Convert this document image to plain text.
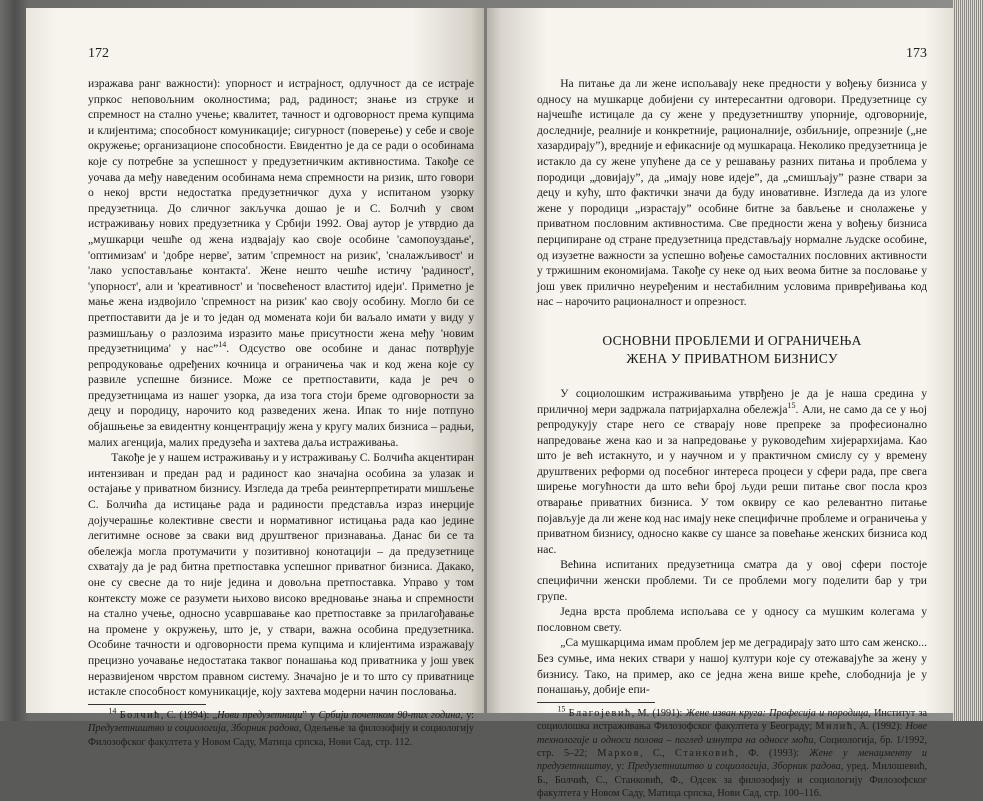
172

изражава ранг важности): упорност и истрајност, одлучност да се истраје упркос неповољним околностима; рад, радиност; знање из струке и спремност на стално учење; квалитет, тачност и одговорност према купцима и клијентима; способност комуникације; сигурност (поверење) у себе и своје окружење; организационе способности. Евидентно је да се ради о особинама које су потребне за успешност у предузетничким активностима. Такође се уочава да међу наведеним особинама нема спремности на ризик, што говори о некој врсти недостатка предузетничког духа у испитаном узорку предузетница. До сличног закључка дошао је и С. Болчић у свом истраживању нових предузетника у Србији 1992. Овај аутор је утврдио да „мушкарци чешће од жена издвајају као своје особине 'самопоуздање', 'оптимизам' и 'добре нерве', затим 'спремност на ризик', 'сналажљивост' и 'лако успостављање контакта'. Жене нешто чешће истичу 'радиност', 'упорност', али и 'креативност' и 'посвећеност властитој идеји'. Приметно је мање жена издвојило 'спремност на ризик' као своју особину. Могло би се претпоставити да је и то један од момената који би ваљало имати у виду у размишљању о разлозима изразито мање присутности жена међу 'новим предузетницима' у нас”$^{14}$. Одсуство ове особине и данас потврђује репродуковање одређених кочница и ограничења чак и код жена које су развиле успешне бизнисе. Може се претпоставити, када је реч о предузетницама из нашег узорка, да иза тога стоји бреме одговорности за децу и породицу, нарочито код разведених жена. Ипак то није потпуно објашњење за евидентну концентрацију жена у кругу малих бизниса – радњи, малих агенција, малих предузећа и захтева даља истраживања.

Такође је у нашем истраживању и у истраживању С. Болчића акцентиран интензиван и предан рад и радиност као значајна особина за улазак и остајање у приватном бизнису. Изгледа да треба реинтерпретирати мишљење С. Болчића да истицање рада и радиности представља израз инерције дојучерашње колективне свести и нормативног истицања рада као једине легитимне основе за сваки вид друштвеног признавања. Данас би се та обележја могла протумачити у позитивној конотацији – да предузетнице схватају да је рад битна претпоставка успешног приватног бизниса. Дакако, оне су свесне да то није једина и довољна претпоставка. Управо у том контексту може се разумети њихово високо вредновање знања и спремности на стално учење, односно усавршавање као претпоставке за прилагођавање на промене у окружењу, што је, у ствари, важна особина предузетника. Особине тачности и одговорности према купцима и клијентима изражавају прецизно уочавање недостатака таквог понашања код приватника у још увек неразвијеном чврстом правном систему. Значајно је и то што су приватнице истакле способност комуникације, коју захтева модерни начин пословања.

$^{14}$ Болчић, С. (1994): „Нови предузетници” у Србији почетком 90-тих година, у: Предузетништво и социологија, Зборник радова, Одељење за филозофију и социологију Филозофског факултета у Новом Саду, Матица српска, Нови Сад, стр. 112.

173

На питање да ли жене испољавају неке предности у вођењу бизниса у односу на мушкарце добијени су интересантни одговори. Предузетнице су најчешће истицале да су жене у предузетништву упорније, одговорније, доследније, реалније и конкретније, рационалније, озбиљније, опрезније („не хазардирају”), вредније и ефикасније од мушкараца. Неколико предузетница је истакло да су жене упућене да се у решавању разних питања и проблема у породици „довијају”, да „имају нове идеје”, да „смишљају” разне ствари за децу и кућу, што фактички значи да буду иновативне. Изгледа да из улоге жене у породици „израстају” особине битне за бављење и снолажење у приватном пословним активностима. Све предности жена у вођењу бизниса перципиране од стране предузетница представљају нормалне људске особине, од изузетне важности за успешно вођење самосталних пословних активности у тржишним економијама. Такође су неке од њих веома битне за пословање у још увек прилично неуређеним и нестабилним условима привређивања код нас – нарочито рационалност и опрезност.

ОСНОВНИ ПРОБЛЕМИ И ОГРАНИЧЕЊА
ЖЕНА У ПРИВАТНОМ БИЗНИСУ

У социолошким истраживањима утврђено је да је наша средина у приличној мери задржала патријархална обележја$^{15}$. Али, не само да се у њој репродукују старе него се стварају нове препреке за професионално напредовање жена као и за напредовање у руководећим хијерархијама. Као што је већ истакнуто, и у научном и у практичном смислу су у времену друштвених реформи од посебног интереса процеси у сфери рада, пре свега ширење могућности да што већи број људи реши питање свог посла кроз отварање приватних бизниса. У том оквиру се као релевантно питање појављује да ли жене код нас имају неке специфичне проблеме и ограничења у приватном бизнису, односно какве су шансе за повећање женских бизниса код нас.

Већина испитаних предузетница сматра да у овој сфери постоје специфични женски проблеми. Ти се проблеми могу поделити бар у три групе.

Једна врста проблема испољава се у односу са мушким колегама у пословном свету.

„Са мушкарцима имам проблем јер ме деградирају зато што сам женско... Без сумње, има неких ствари у нашој култури које су отежавајуће за жену у бизнису. Тако, на пример, ако се једна жена више креће, слободнија је у понашању, добије епи-

$^{15}$ Благојевић, М. (1991): Жене изван круга: Професија и породица, Институт за социолошка истраживања Филозофског факултета у Београду; Милић, А. (1992): Нове технологије и односи полова – поглед изнутра на односе моћи, Социологија, бр. 1/1992, стр. 5–22; Марков, С., Станковић, Ф. (1993): Жене у менаџменту и предузетништву, у: Предузетништво и социологија, Зборник радова, уред. Милошевић, Б., Болчић, С., Станковић, Ф., Одсек за филозофију и социологију Филозофског факултета у Новом Саду, Матица српска, Нови Сад, стр. 100–116.
